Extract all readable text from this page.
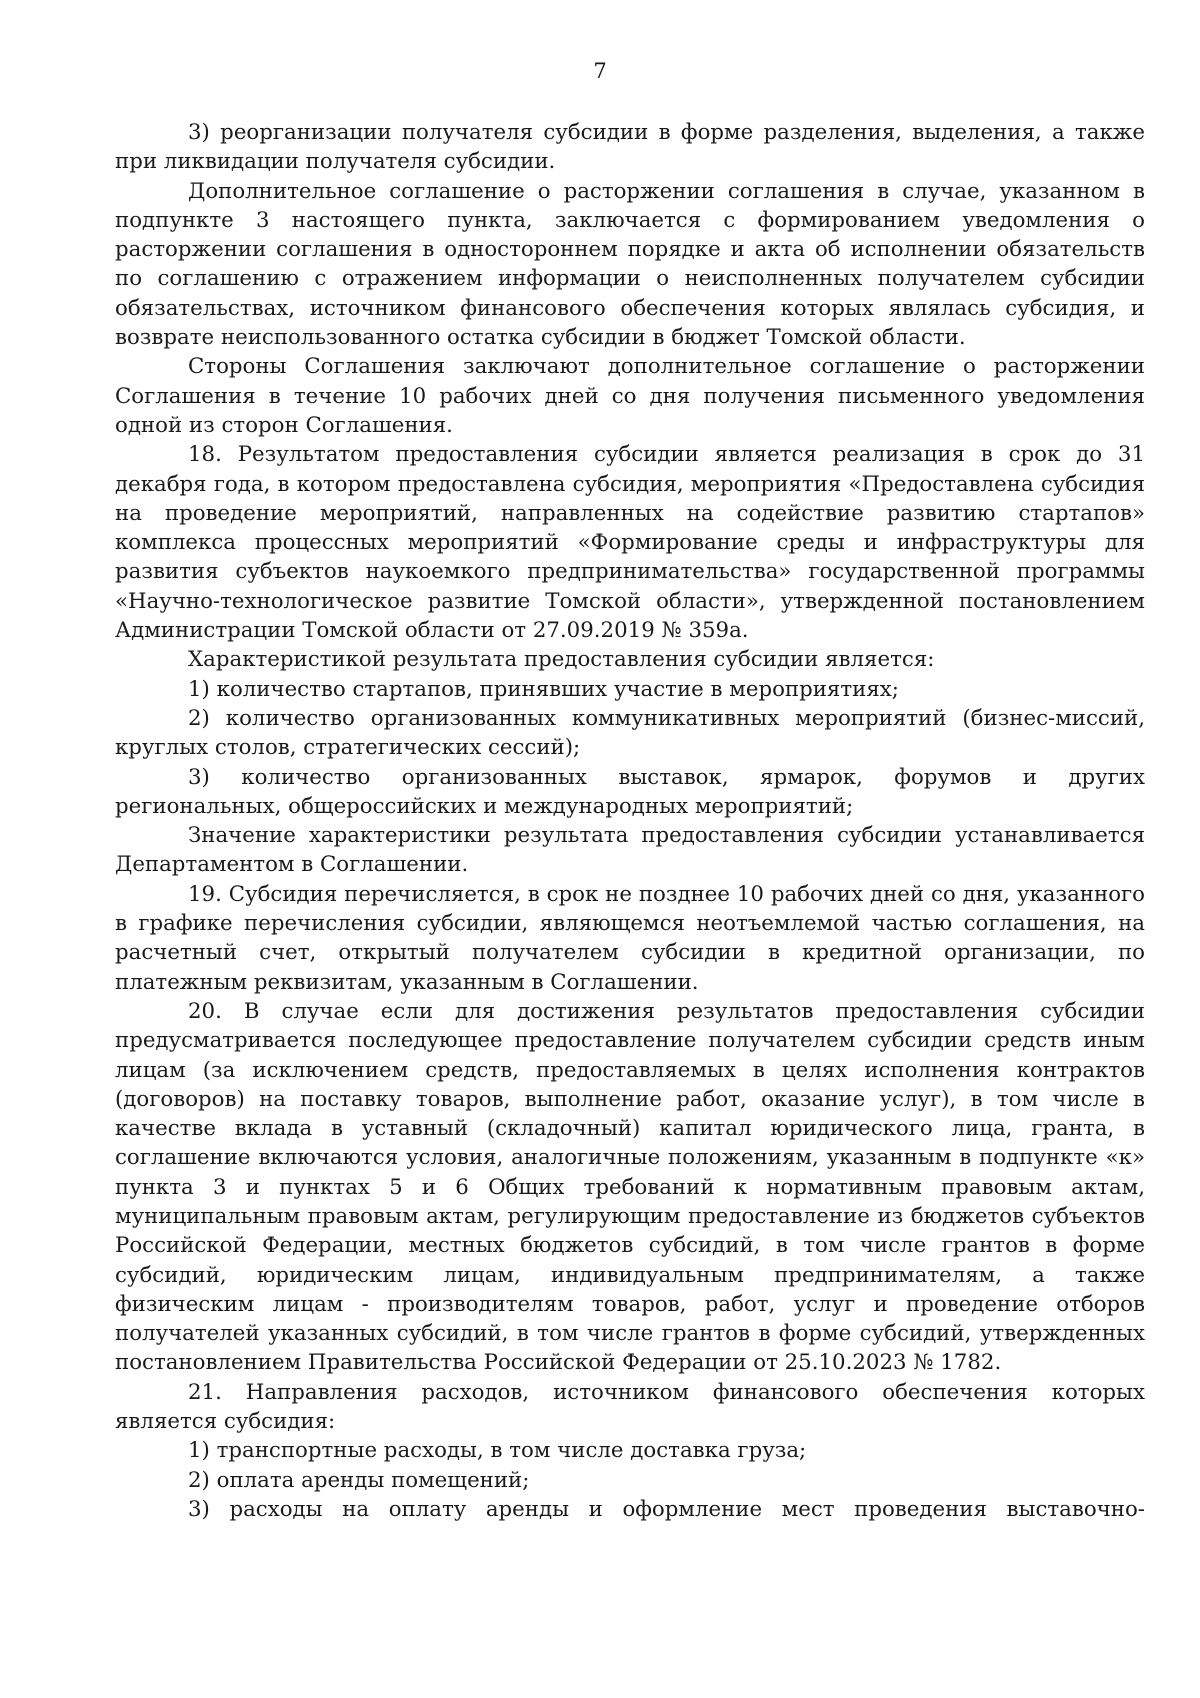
7

3) реорганизации получателя субсидии в форме разделения, выделения, а также при ликвидации получателя субсидии.

Дополнительное соглашение о расторжении соглашения в случае, указанном в подпункте 3 настоящего пункта, заключается с формированием уведомления о расторжении соглашения в одностороннем порядке и акта об исполнении обязательств по соглашению с отражением информации о неисполненных получателем субсидии обязательствах, источником финансового обеспечения которых являлась субсидия, и возврате неиспользованного остатка субсидии в бюджет Томской области.

Стороны Соглашения заключают дополнительное соглашение о расторжении Соглашения в течение 10 рабочих дней со дня получения письменного уведомления одной из сторон Соглашения.

18. Результатом предоставления субсидии является реализация в срок до 31 декабря года, в котором предоставлена субсидия, мероприятия «Предоставлена субсидия на проведение мероприятий, направленных на содействие развитию стартапов» комплекса процессных мероприятий «Формирование среды и инфраструктуры для развития субъектов наукоемкого предпринимательства» государственной программы «Научно-технологическое развитие Томской области», утвержденной постановлением Администрации Томской области от 27.09.2019 № 359а.

Характеристикой результата предоставления субсидии является:

1) количество стартапов, принявших участие в мероприятиях;

2) количество организованных коммуникативных мероприятий (бизнес-миссий, круглых столов, стратегических сессий);

3) количество организованных выставок, ярмарок, форумов и других региональных, общероссийских и международных мероприятий;

Значение характеристики результата предоставления субсидии устанавливается Департаментом в Соглашении.

19. Субсидия перечисляется, в срок не позднее 10 рабочих дней со дня, указанного в графике перечисления субсидии, являющемся неотъемлемой частью соглашения, на расчетный счет, открытый получателем субсидии в кредитной организации, по платежным реквизитам, указанным в Соглашении.

20. В случае если для достижения результатов предоставления субсидии предусматривается последующее предоставление получателем субсидии средств иным лицам (за исключением средств, предоставляемых в целях исполнения контрактов (договоров) на поставку товаров, выполнение работ, оказание услуг), в том числе в качестве вклада в уставный (складочный) капитал юридического лица, гранта, в соглашение включаются условия, аналогичные положениям, указанным в подпункте «к» пункта 3 и пунктах 5 и 6 Общих требований к нормативным правовым актам, муниципальным правовым актам, регулирующим предоставление из бюджетов субъектов Российской Федерации, местных бюджетов субсидий, в том числе грантов в форме субсидий, юридическим лицам, индивидуальным предпринимателям, а также физическим лицам - производителям товаров, работ, услуг и проведение отборов получателей указанных субсидий, в том числе грантов в форме субсидий, утвержденных постановлением Правительства Российской Федерации от 25.10.2023 № 1782.

21. Направления расходов, источником финансового обеспечения которых является субсидия:

1) транспортные расходы, в том числе доставка груза;

2) оплата аренды помещений;

3) расходы на оплату аренды и оформление мест проведения выставочно-
